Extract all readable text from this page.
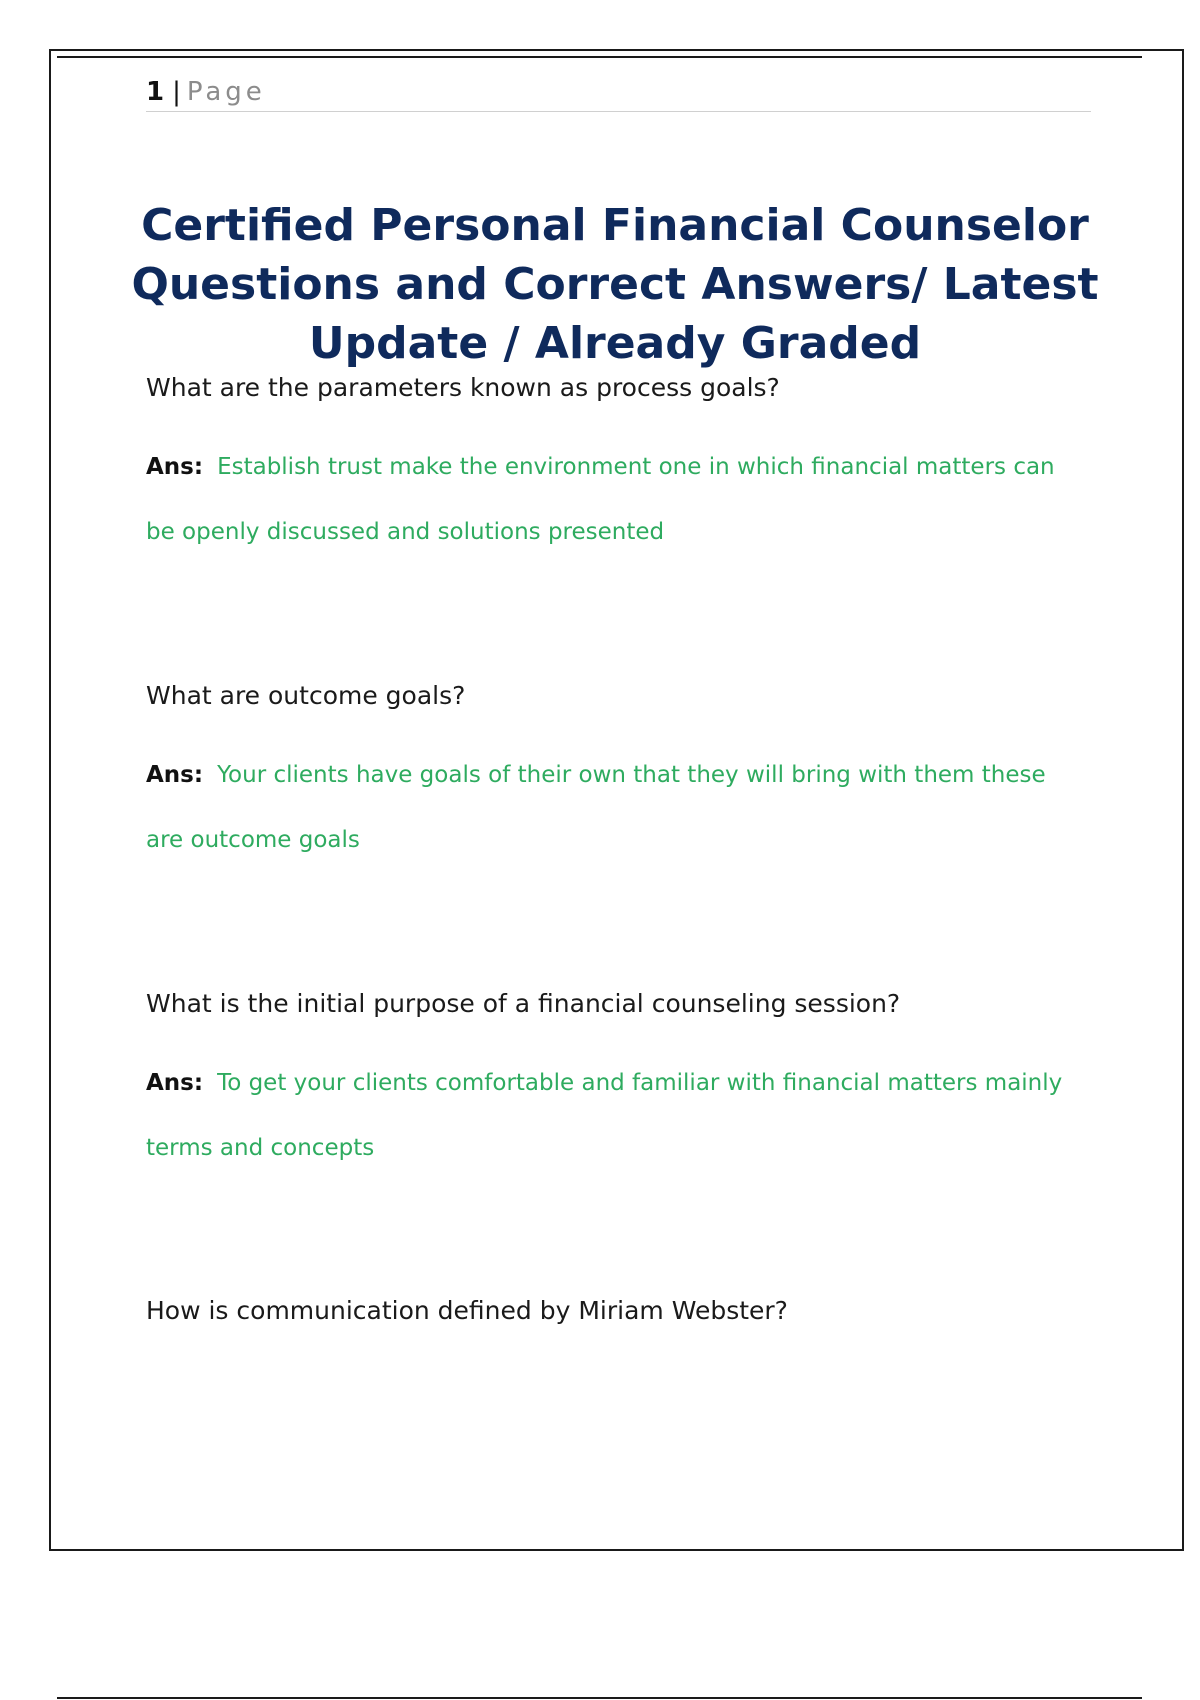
1 | Page
Certified Personal Financial Counselor
Questions and Correct Answers/ Latest
Update / Already Graded

What are the parameters known as process goals?

Ans: Establish trust make the environment one in which financial matters can be openly discussed and solutions presented

What are outcome goals?

Ans: Your clients have goals of their own that they will bring with them these are outcome goals

What is the initial purpose of a financial counseling session?

Ans: To get your clients comfortable and familiar with financial matters mainly terms and concepts

How is communication defined by Miriam Webster?
